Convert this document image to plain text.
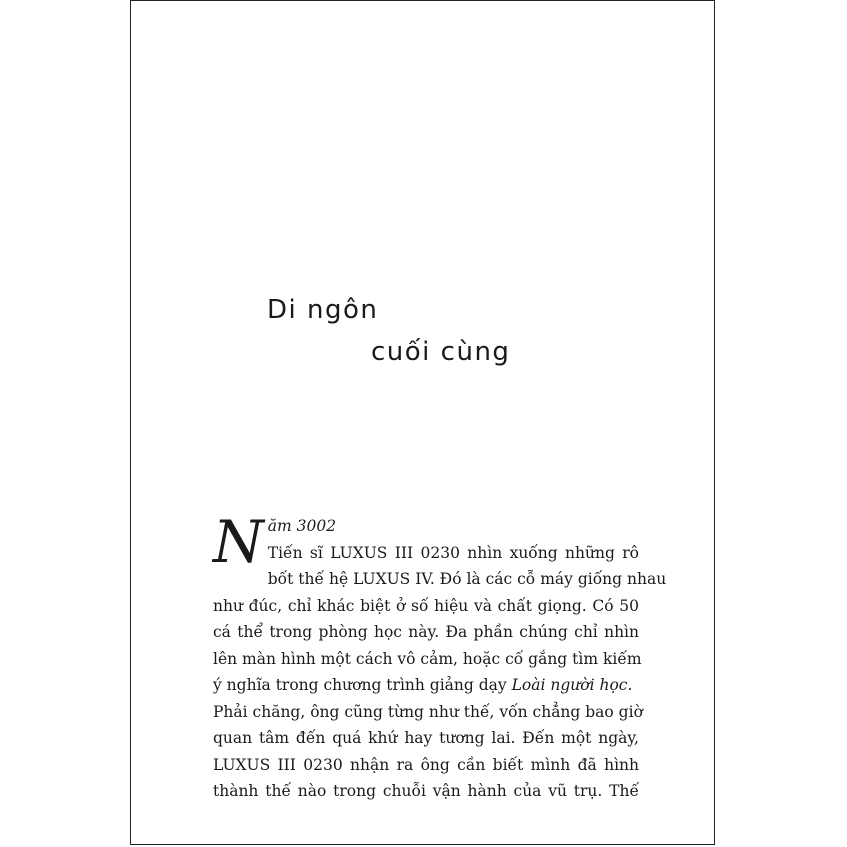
Di ngôn
cuối cùng
N ăm 3002
Tiến sĩ LUXUS III 0230 nhìn xuống những rô
bốt thế hệ LUXUS IV. Đó là các cỗ máy giống nhau
như đúc, chỉ khác biệt ở số hiệu và chất giọng. Có 50
cá thể trong phòng học này. Đa phần chúng chỉ nhìn
lên màn hình một cách vô cảm, hoặc cố gắng tìm kiếm
ý nghĩa trong chương trình giảng dạy Loài người học.
Phải chăng, ông cũng từng như thế, vốn chẳng bao giờ
quan tâm đến quá khứ hay tương lai. Đến một ngày,
LUXUS III 0230 nhận ra ông cần biết mình đã hình
thành thế nào trong chuỗi vận hành của vũ trụ. Thế
